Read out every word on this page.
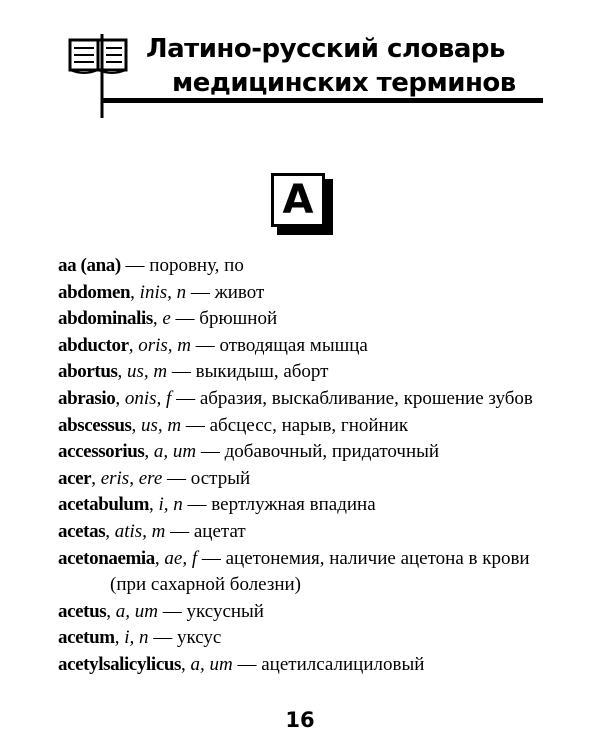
Латино-русский словарь
медицинских терминов
A

aa (ana) — поровну, по

abdomen, inis, n — живот

abdominalis, e — брюшной

abductor, oris, m — отводящая мышца

abortus, us, m — выкидыш, аборт

abrasio, onis, f — абразия, выскабливание, крошение зубов

abscessus, us, m — абсцесс, нарыв, гнойник

accessorius, a, um — добавочный, придаточный

acer, eris, ere — острый

acetabulum, i, n — вертлужная впадина

acetas, atis, m — ацетат

acetonaemia, ae, f — ацетонемия, наличие ацетона в крови (при сахарной болезни)

acetus, a, um — уксусный

acetum, i, n — уксус

acetylsalicylicus, a, um — ацетилсалициловый

16
